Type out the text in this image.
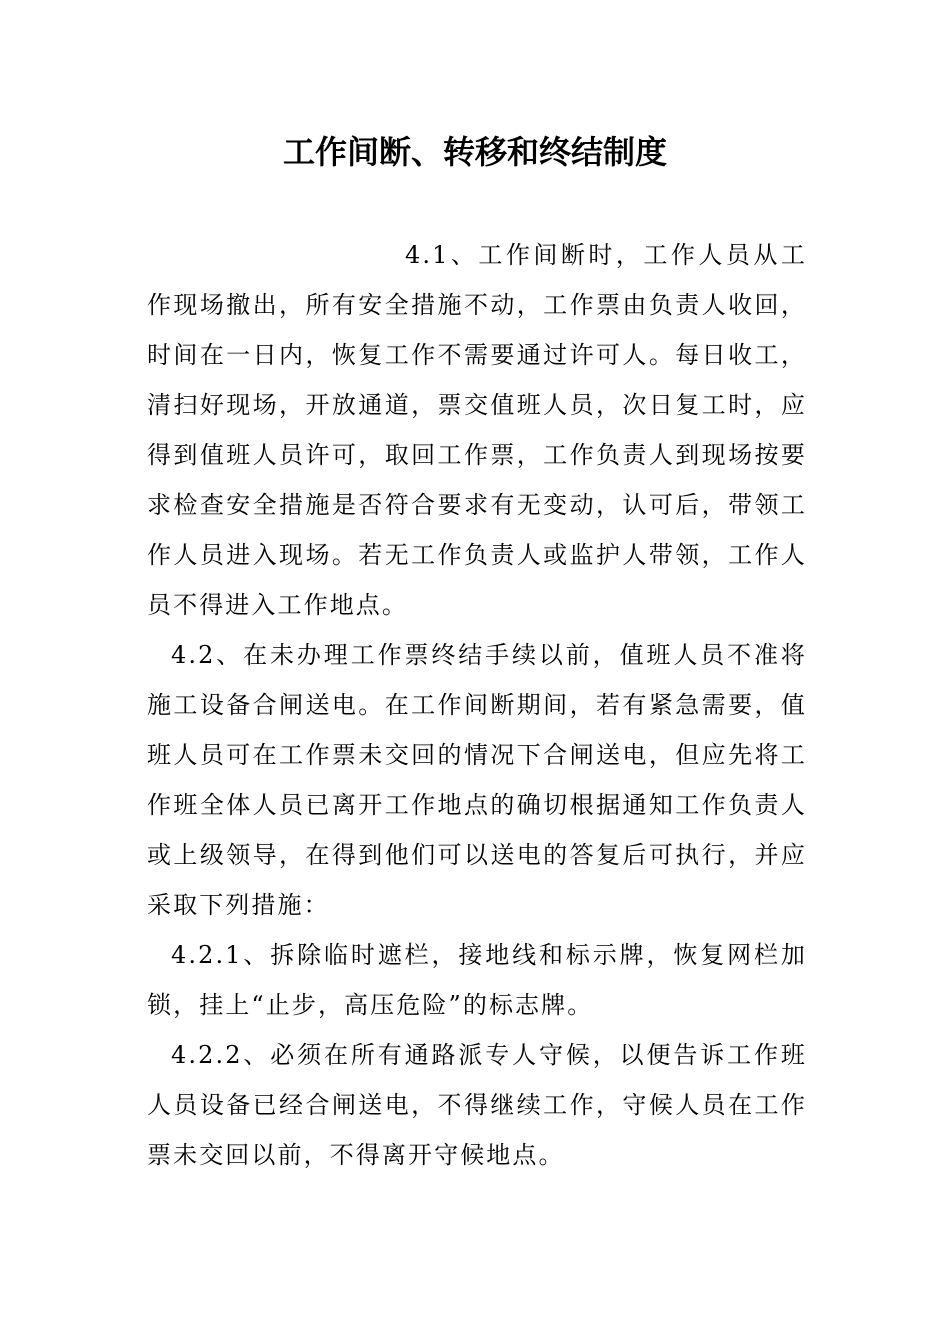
工作间断、转移和终结制度

4.1、工作间断时，工作人员从工作现场撤出，所有安全措施不动，工作票由负责人收回，时间在一日内，恢复工作不需要通过许可人。每日收工，清扫好现场，开放通道，票交值班人员，次日复工时，应得到值班人员许可，取回工作票，工作负责人到现场按要求检查安全措施是否符合要求有无变动，认可后，带领工作人员进入现场。若无工作负责人或监护人带领，工作人员不得进入工作地点。

4.2、在未办理工作票终结手续以前，值班人员不准将施工设备合闸送电。在工作间断期间，若有紧急需要，值班人员可在工作票未交回的情况下合闸送电，但应先将工作班全体人员已离开工作地点的确切根据通知工作负责人或上级领导，在得到他们可以送电的答复后可执行，并应采取下列措施：

4.2.1、拆除临时遮栏，接地线和标示牌，恢复网栏加锁，挂上“止步，高压危险”的标志牌。

4.2.2、必须在所有通路派专人守候，以便告诉工作班人员设备已经合闸送电，不得继续工作，守候人员在工作票未交回以前，不得离开守候地点。
